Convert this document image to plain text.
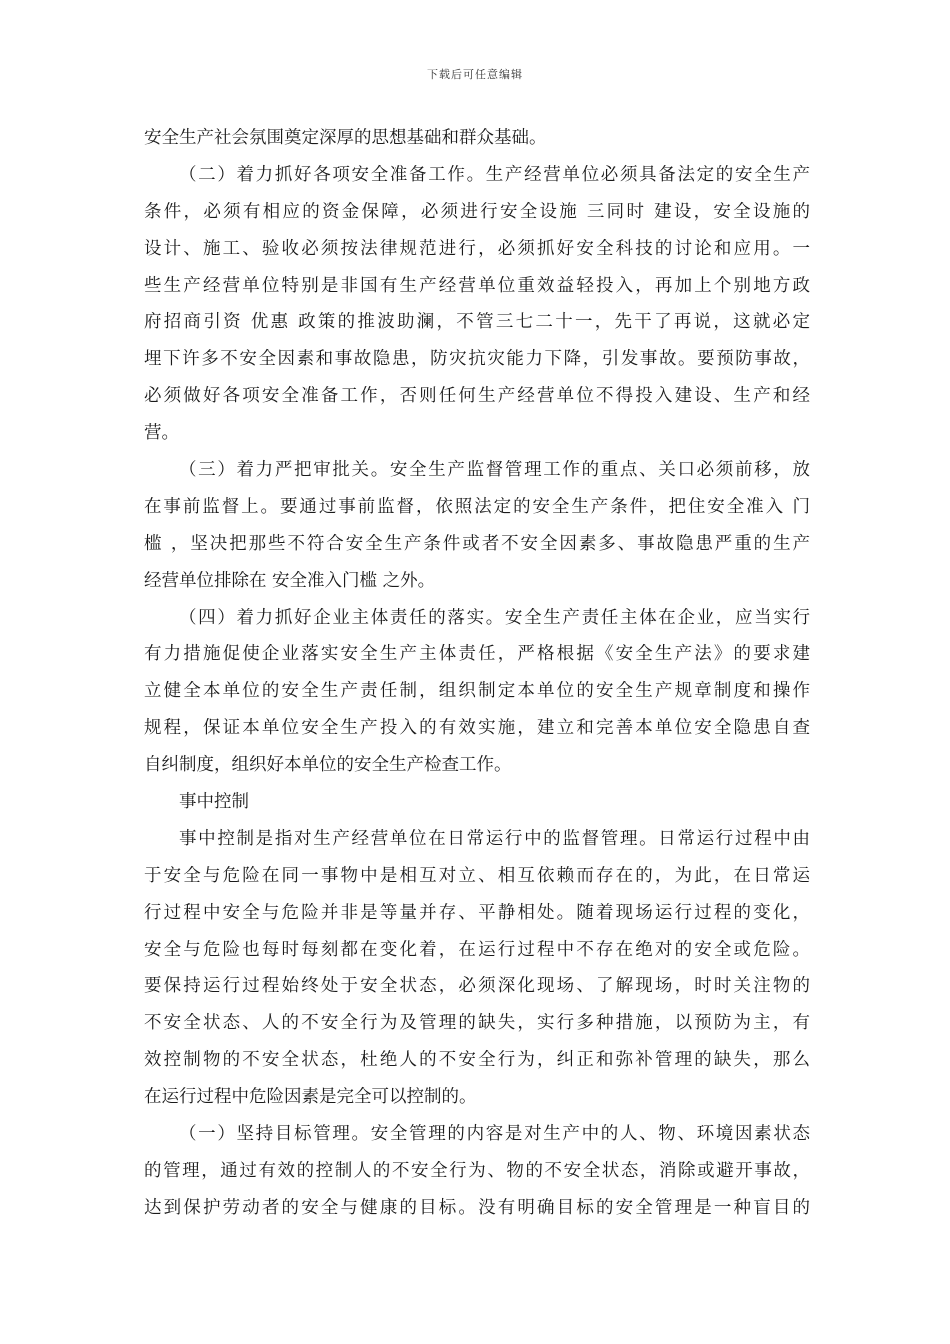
下载后可任意编辑
安全生产社会氛围奠定深厚的思想基础和群众基础。
（二）着力抓好各项安全准备工作。生产经营单位必须具备法定的安全生产
条件，必须有相应的资金保障，必须进行安全设施 三同时 建设，安全设施的
设计、施工、验收必须按法律规范进行，必须抓好安全科技的讨论和应用。一
些生产经营单位特别是非国有生产经营单位重效益轻投入，再加上个别地方政
府招商引资 优惠 政策的推波助澜，不管三七二十一，先干了再说，这就必定
埋下许多不安全因素和事故隐患，防灾抗灾能力下降，引发事故。要预防事故，
必须做好各项安全准备工作，否则任何生产经营单位不得投入建设、生产和经
营。
（三）着力严把审批关。安全生产监督管理工作的重点、关口必须前移，放
在事前监督上。要通过事前监督，依照法定的安全生产条件，把住安全准入 门
槛 ，坚决把那些不符合安全生产条件或者不安全因素多、事故隐患严重的生产
经营单位排除在 安全准入门槛 之外。
（四）着力抓好企业主体责任的落实。安全生产责任主体在企业，应当实行
有力措施促使企业落实安全生产主体责任，严格根据《安全生产法》的要求建
立健全本单位的安全生产责任制，组织制定本单位的安全生产规章制度和操作
规程，保证本单位安全生产投入的有效实施，建立和完善本单位安全隐患自查
自纠制度，组织好本单位的安全生产检查工作。
事中控制
事中控制是指对生产经营单位在日常运行中的监督管理。日常运行过程中由
于安全与危险在同一事物中是相互对立、相互依赖而存在的，为此，在日常运
行过程中安全与危险并非是等量并存、平静相处。随着现场运行过程的变化，
安全与危险也每时每刻都在变化着，在运行过程中不存在绝对的安全或危险。
要保持运行过程始终处于安全状态，必须深化现场、了解现场，时时关注物的
不安全状态、人的不安全行为及管理的缺失，实行多种措施，以预防为主，有
效控制物的不安全状态，杜绝人的不安全行为，纠正和弥补管理的缺失，那么
在运行过程中危险因素是完全可以控制的。
（一）坚持目标管理。安全管理的内容是对生产中的人、物、环境因素状态
的管理，通过有效的控制人的不安全行为、物的不安全状态，消除或避开事故，
达到保护劳动者的安全与健康的目标。没有明确目标的安全管理是一种盲目的
